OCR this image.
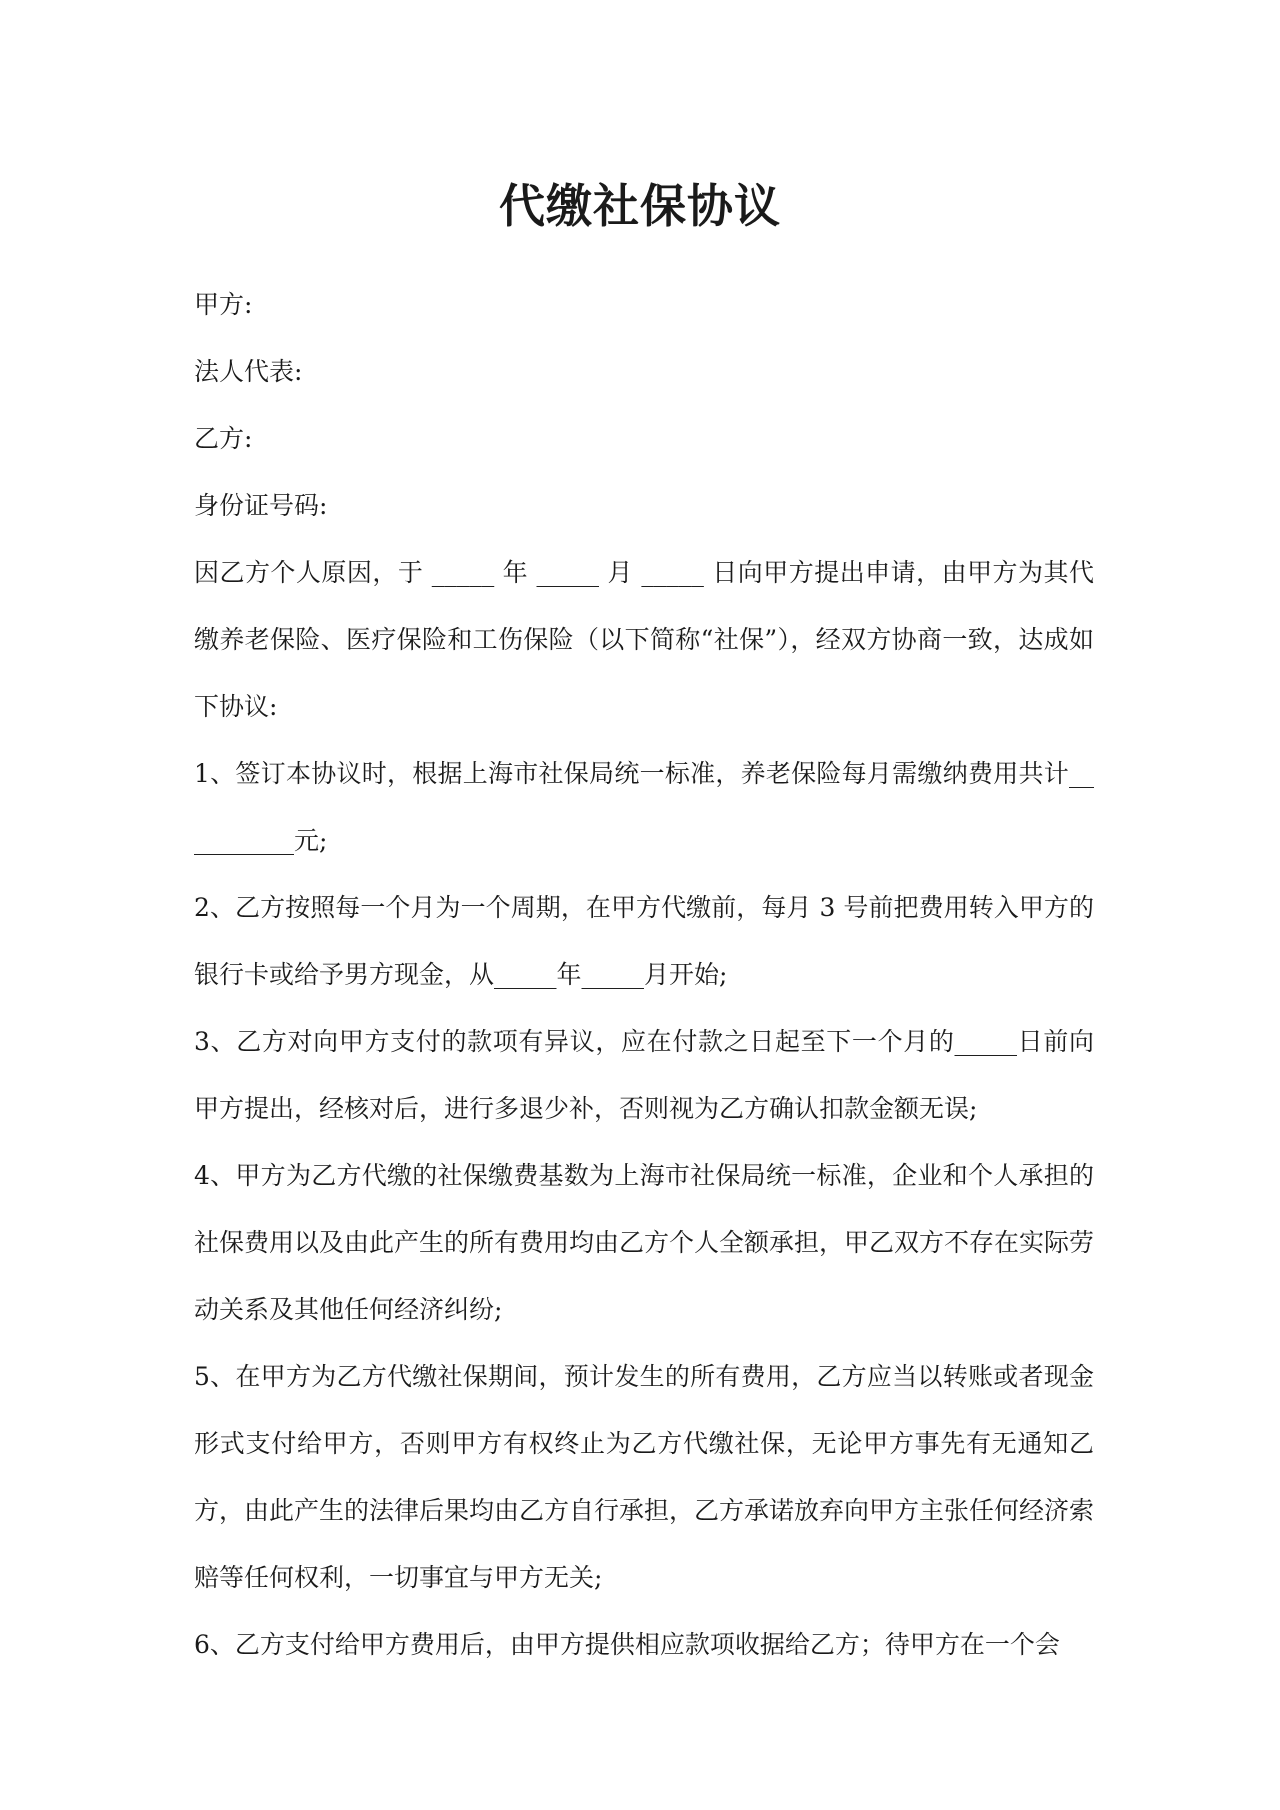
代缴社保协议

甲方:

法人代表:

乙方:

身份证号码:

因乙方个人原因，于 _____ 年 _____ 月 _____ 日向甲方提出申请，由甲方为其代缴养老保险、医疗保险和工伤保险（以下简称“社保”），经双方协商一致，达成如下协议:

1、签订本协议时，根据上海市社保局统一标准，养老保险每月需缴纳费用共计__________元;

2、乙方按照每一个月为一个周期，在甲方代缴前，每月 3 号前把费用转入甲方的银行卡或给予男方现金，从_____年_____月开始;

3、乙方对向甲方支付的款项有异议，应在付款之日起至下一个月的_____日前向甲方提出，经核对后，进行多退少补，否则视为乙方确认扣款金额无误;

4、甲方为乙方代缴的社保缴费基数为上海市社保局统一标准，企业和个人承担的社保费用以及由此产生的所有费用均由乙方个人全额承担，甲乙双方不存在实际劳动关系及其他任何经济纠纷;

5、在甲方为乙方代缴社保期间，预计发生的所有费用，乙方应当以转账或者现金形式支付给甲方，否则甲方有权终止为乙方代缴社保，无论甲方事先有无通知乙方，由此产生的法律后果均由乙方自行承担，乙方承诺放弃向甲方主张任何经济索赔等任何权利，一切事宜与甲方无关;

6、乙方支付给甲方费用后，由甲方提供相应款项收据给乙方；待甲方在一个会
